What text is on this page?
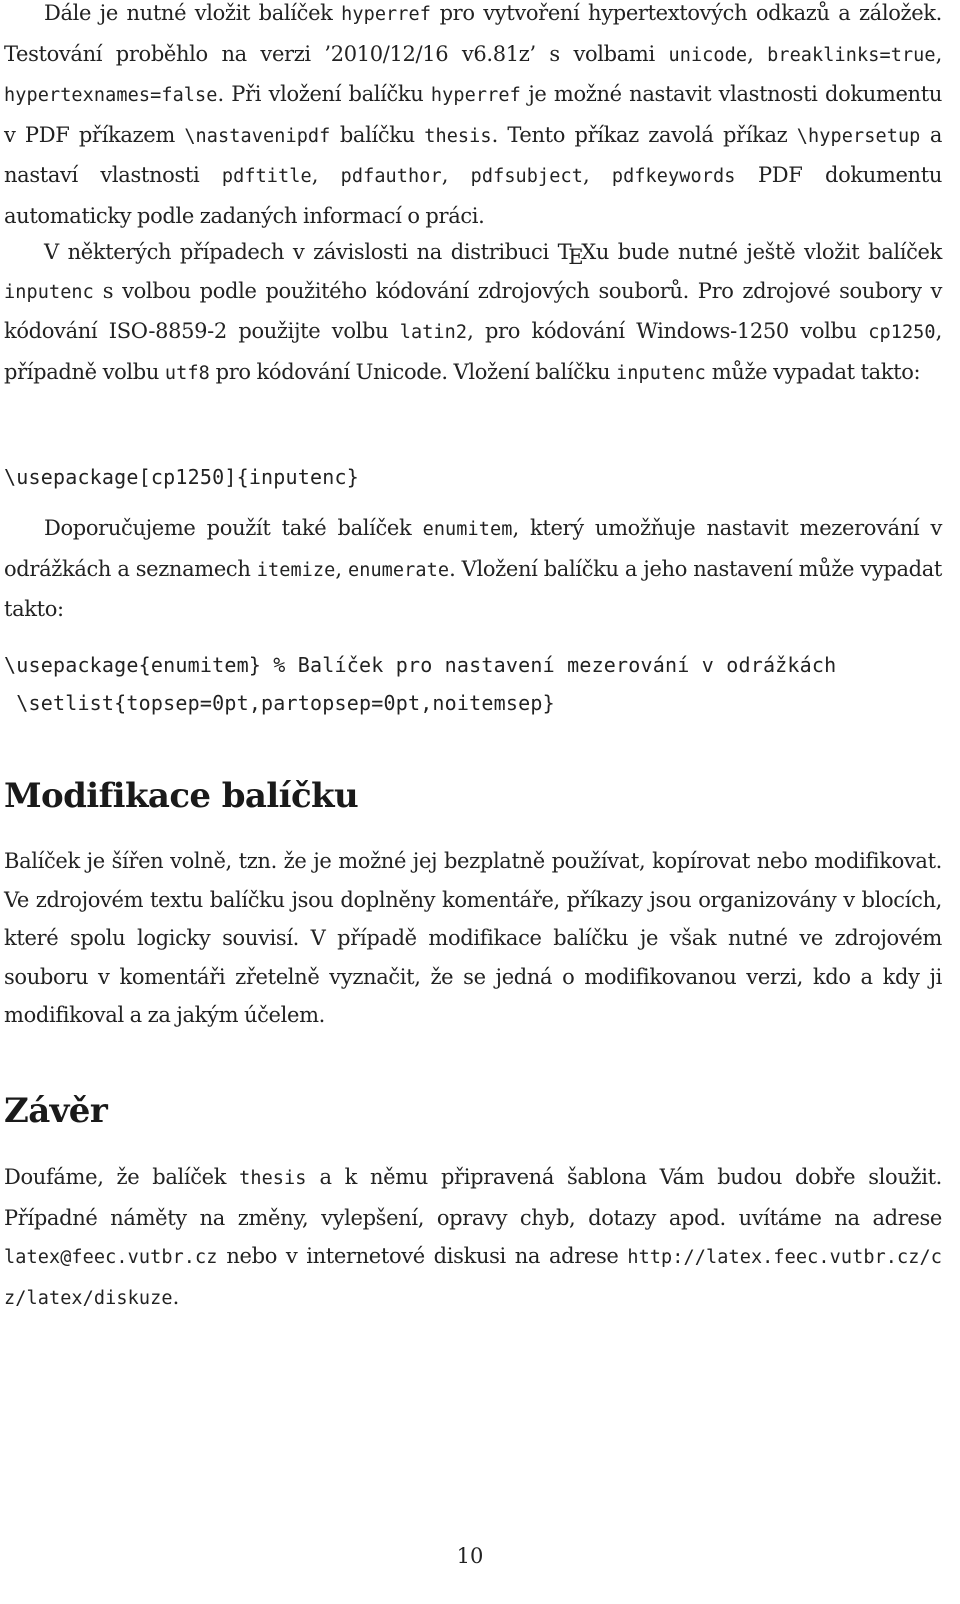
Dále je nutné vložit balíček hyperref pro vytvoření hypertextových odkazů a záložek. Testování proběhlo na verzi ’2010/12/16 v6.81z’ s volbami unicode, breaklinks=true, hypertexnames=false. Při vložení balíčku hyperref je možné nastavit vlastnosti dokumentu v PDF příkazem \nastavenipdf balíčku thesis. Tento příkaz zavolá příkaz \hypersetup a nastaví vlastnosti pdftitle, pdfauthor, pdfsubject, pdfkeywords PDF dokumentu automaticky podle zadaných informací o práci.

V některých případech v závislosti na distribuci TEXu bude nutné ještě vložit balíček inputenc s volbou podle použitého kódování zdrojových souborů. Pro zdrojové soubory v kódování ISO-8859-2 použijte volbu latin2, pro kódování Windows-1250 volbu cp1250, případně volbu utf8 pro kódování Unicode. Vložení balíčku inputenc může vypadat takto:

\usepackage[cp1250]{inputenc}

Doporučujeme použít také balíček enumitem, který umožňuje nastavit mezerování v odrážkách a seznamech itemize, enumerate. Vložení balíčku a jeho nastavení může vypadat takto:

\usepackage{enumitem} % Balíček pro nastavení mezerování v odrážkách
\setlist{topsep=0pt,partopsep=0pt,noitemsep}
Modifikace balíčku

Balíček je šířen volně, tzn. že je možné jej bezplatně používat, kopírovat nebo modifikovat. Ve zdrojovém textu balíčku jsou doplněny komentáře, příkazy jsou organizovány v blocích, které spolu logicky souvisí. V případě modifikace balíčku je však nutné ve zdrojovém souboru v komentáři zřetelně vyznačit, že se jedná o modifikovanou verzi, kdo a kdy ji modifikoval a za jakým účelem.

Závěr

Doufáme, že balíček thesis a k němu připravená šablona Vám budou dobře sloužit. Případné náměty na změny, vylepšení, opravy chyb, dotazy apod. uvítáme na adrese latex@feec.vutbr.cz nebo v internetové diskusi na adrese http://latex.feec.vutbr.cz/cz/latex/diskuze.

10
